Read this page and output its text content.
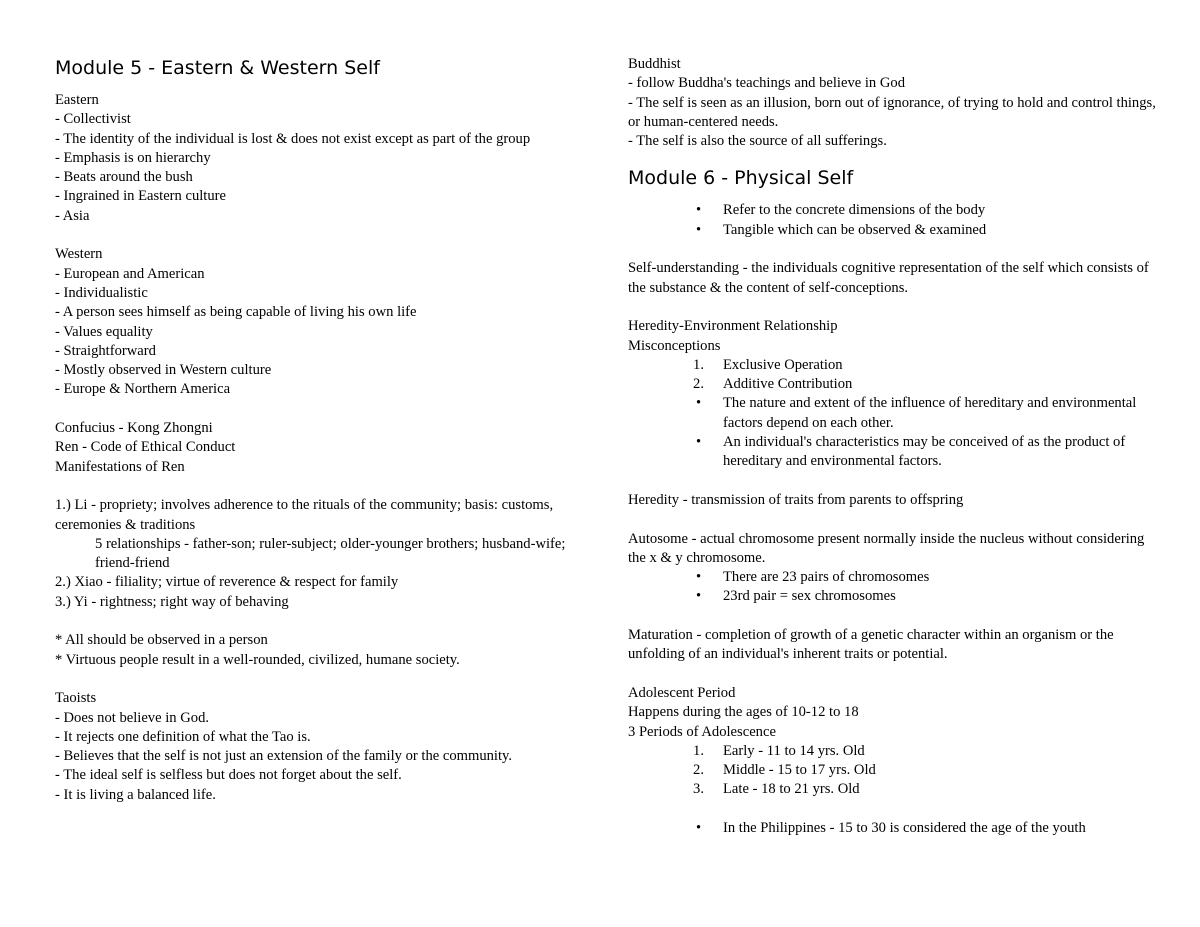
Module 5 - Eastern & Western Self
Eastern
- Collectivist
- The identity of the individual is lost & does not exist except as part of the group
- Emphasis is on hierarchy
- Beats around the bush
- Ingrained in Eastern culture
- Asia
Western
- European and American
- Individualistic
- A person sees himself as being capable of living his own life
- Values equality
- Straightforward
- Mostly observed in Western culture
- Europe & Northern America
Confucius - Kong Zhongni
Ren - Code of Ethical Conduct
Manifestations of Ren
1.) Li - propriety; involves adherence to the rituals of the community; basis: customs, ceremonies & traditions
5 relationships - father-son; ruler-subject; older-younger brothers; husband-wife; friend-friend
2.) Xiao - filiality; virtue of reverence & respect for family
3.) Yi - rightness; right way of behaving
* All should be observed in a person
* Virtuous people result in a well-rounded, civilized, humane society.
Taoists
- Does not believe in God.
- It rejects one definition of what the Tao is.
- Believes that the self is not just an extension of the family or the community.
- The ideal self is selfless but does not forget about the self.
- It is living a balanced life.
Buddhist
- follow Buddha's teachings and believe in God
- The self is seen as an illusion, born out of ignorance, of trying to hold and control things, or human-centered needs.
- The self is also the source of all sufferings.
Module 6 - Physical Self
•	Refer to the concrete dimensions of the body
•	Tangible which can be observed & examined
Self-understanding - the individuals cognitive representation of the self which consists of the substance & the content of self-conceptions.
Heredity-Environment Relationship
Misconceptions
1.	Exclusive Operation
2.	Additive Contribution
•	The nature and extent of the influence of hereditary and environmental factors depend on each other.
•	An individual's characteristics may be conceived of as the product of hereditary and environmental factors.
Heredity - transmission of traits from parents to offspring
Autosome - actual chromosome present normally inside the nucleus without considering the x & y chromosome.
•	There are 23 pairs of chromosomes
•	23rd pair = sex chromosomes
Maturation - completion of growth of a genetic character within an organism or the unfolding of an individual's inherent traits or potential.
Adolescent Period
Happens during the ages of 10-12 to 18
3 Periods of Adolescence
1.	Early - 11 to 14 yrs. Old
2.	Middle - 15 to 17 yrs. Old
3.	Late - 18 to 21 yrs. Old
•	In the Philippines - 15 to 30 is considered the age of the youth
